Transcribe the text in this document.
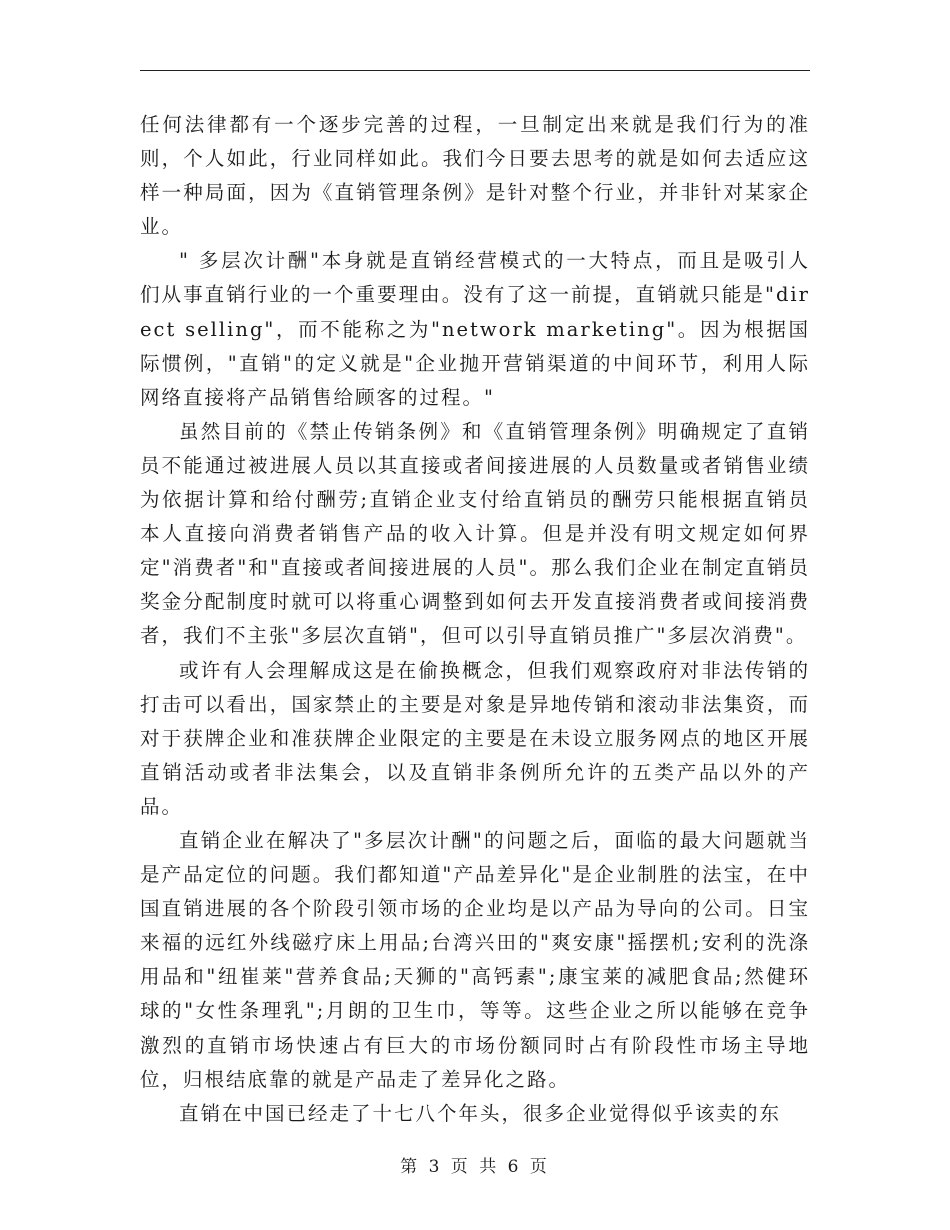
任何法律都有一个逐步完善的过程，一旦制定出来就是我们行为的准则，个人如此，行业同样如此。我们今日要去思考的就是如何去适应这样一种局面，因为《直销管理条例》是针对整个行业，并非针对某家企业。

" 多层次计酬"本身就是直销经营模式的一大特点，而且是吸引人们从事直销行业的一个重要理由。没有了这一前提，直销就只能是"direct selling"，而不能称之为"network marketing"。因为根据国际惯例，"直销"的定义就是"企业抛开营销渠道的中间环节，利用人际网络直接将产品销售给顾客的过程。"

虽然目前的《禁止传销条例》和《直销管理条例》明确规定了直销员不能通过被进展人员以其直接或者间接进展的人员数量或者销售业绩为依据计算和给付酬劳;直销企业支付给直销员的酬劳只能根据直销员本人直接向消费者销售产品的收入计算。但是并没有明文规定如何界定"消费者"和"直接或者间接进展的人员"。那么我们企业在制定直销员奖金分配制度时就可以将重心调整到如何去开发直接消费者或间接消费者，我们不主张"多层次直销"，但可以引导直销员推广"多层次消费"。

或许有人会理解成这是在偷换概念，但我们观察政府对非法传销的打击可以看出，国家禁止的主要是对象是异地传销和滚动非法集资，而对于获牌企业和准获牌企业限定的主要是在未设立服务网点的地区开展直销活动或者非法集会，以及直销非条例所允许的五类产品以外的产品。

直销企业在解决了"多层次计酬"的问题之后，面临的最大问题就当是产品定位的问题。我们都知道"产品差异化"是企业制胜的法宝，在中国直销进展的各个阶段引领市场的企业均是以产品为导向的公司。日宝来福的远红外线磁疗床上用品;台湾兴田的"爽安康"摇摆机;安利的洗涤用品和"纽崔莱"营养食品;天狮的"高钙素";康宝莱的减肥食品;然健环球的"女性条理乳";月朗的卫生巾，等等。这些企业之所以能够在竞争激烈的直销市场快速占有巨大的市场份额同时占有阶段性市场主导地位，归根结底靠的就是产品走了差异化之路。

直销在中国已经走了十七八个年头，很多企业觉得似乎该卖的东

第 3 页 共 6 页
